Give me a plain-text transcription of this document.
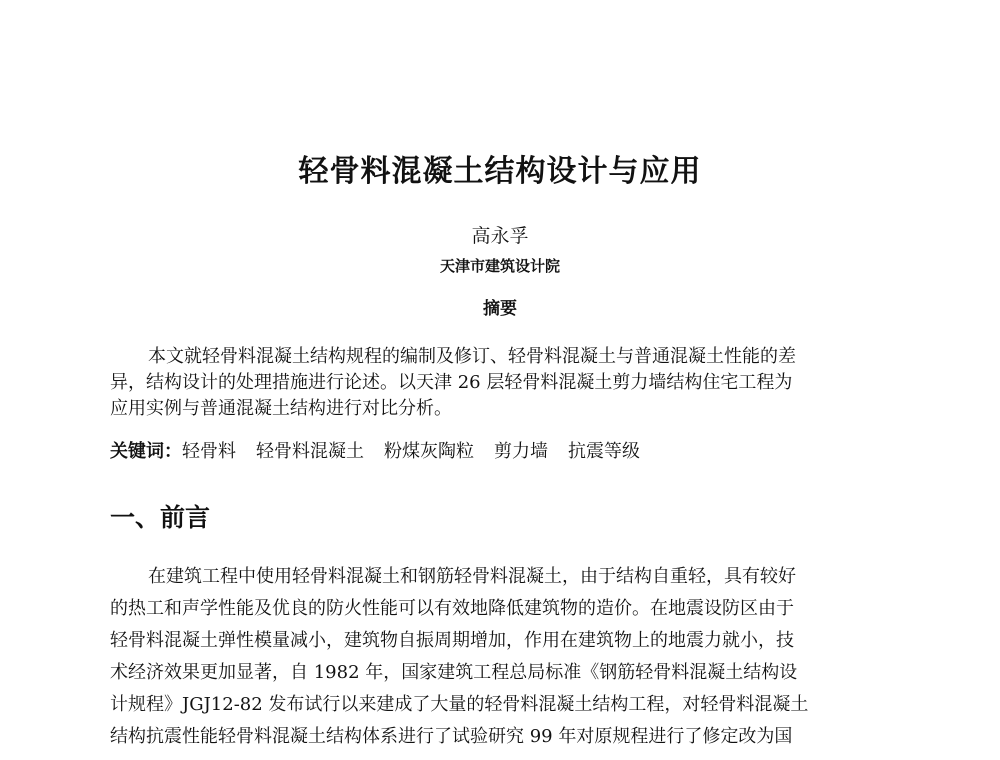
轻骨料混凝土结构设计与应用
高永孚
天津市建筑设计院
摘要
本文就轻骨料混凝土结构规程的编制及修订、轻骨料混凝土与普通混凝土性能的差
异，结构设计的处理措施进行论述。以天津 26 层轻骨料混凝土剪力墙结构住宅工程为
应用实例与普通混凝土结构进行对比分析。
关键词：轻骨料 轻骨料混凝土 粉煤灰陶粒 剪力墙 抗震等级
一、前言
在建筑工程中使用轻骨料混凝土和钢筋轻骨料混凝土，由于结构自重轻，具有较好
的热工和声学性能及优良的防火性能可以有效地降低建筑物的造价。在地震设防区由于
轻骨料混凝土弹性模量减小，建筑物自振周期增加，作用在建筑物上的地震力就小，技
术经济效果更加显著，自 1982 年，国家建筑工程总局标准《钢筋轻骨料混凝土结构设
计规程》JGJ12-82 发布试行以来建成了大量的轻骨料混凝土结构工程，对轻骨料混凝土
结构抗震性能轻骨料混凝土结构体系进行了试验研究 99 年对原规程进行了修定改为国
